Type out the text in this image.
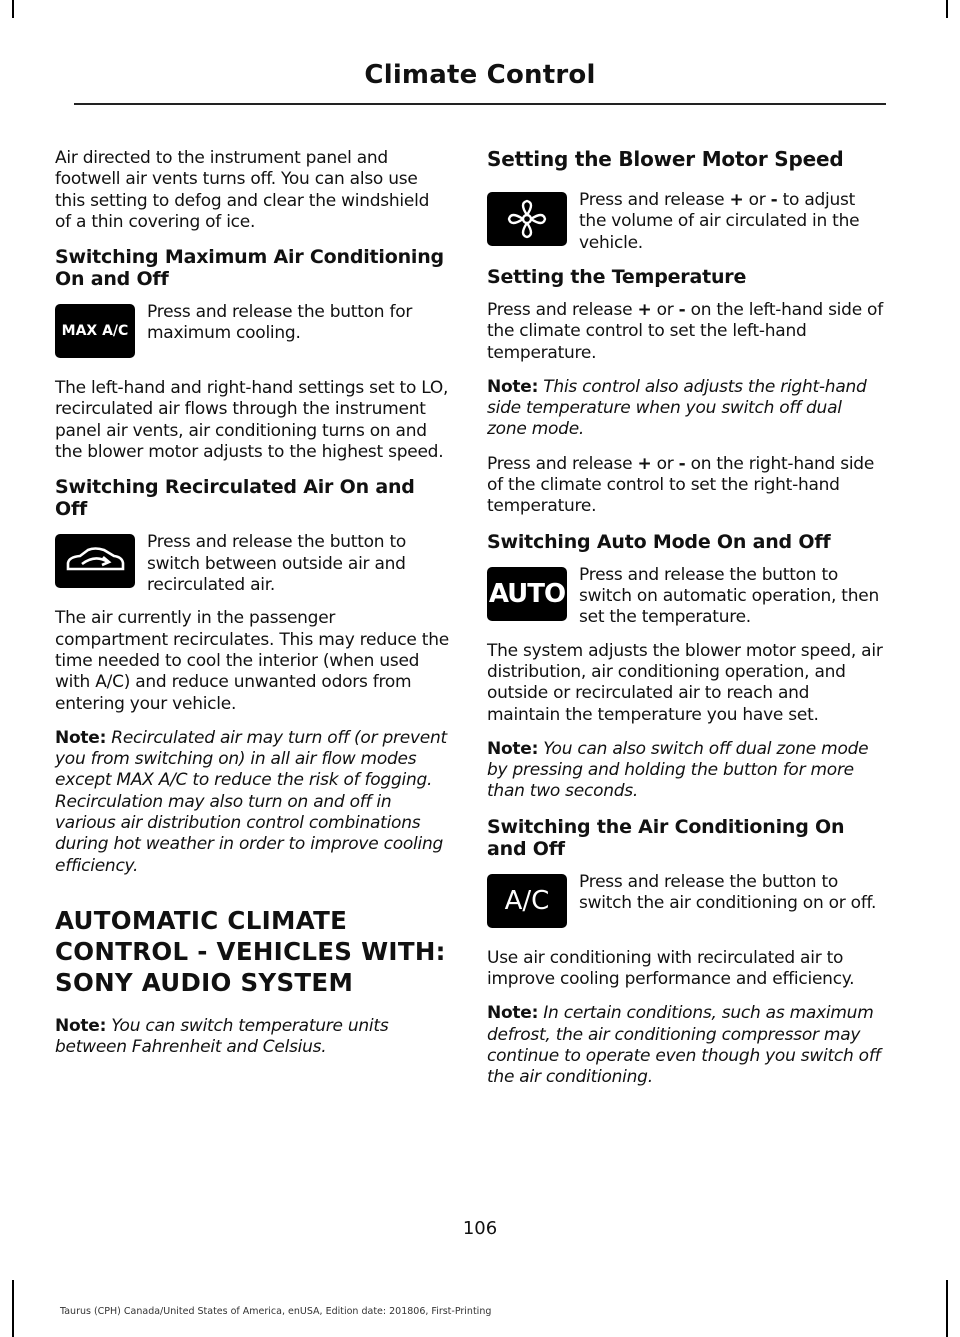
Climate Control

Air directed to the instrument panel and footwell air vents turns off. You can also use this setting to defog and clear the windshield of a thin covering of ice.

Switching Maximum Air Conditioning On and Off
MAX A/C

Press and release the button for maximum cooling.

The left-hand and right-hand settings set to LO, recirculated air flows through the instrument panel air vents, air conditioning turns on and the blower motor adjusts to the highest speed.

Switching Recirculated Air On and Off

Press and release the button to switch between outside air and recirculated air.

The air currently in the passenger compartment recirculates. This may reduce the time needed to cool the interior (when used with A/C) and reduce unwanted odors from entering your vehicle.

Note: Recirculated air may turn off (or prevent you from switching on) in all air flow modes except MAX A/C to reduce the risk of fogging. Recirculation may also turn on and off in various air distribution control combinations during hot weather in order to improve cooling efficiency.

AUTOMATIC CLIMATE
CONTROL - VEHICLES WITH:
SONY AUDIO SYSTEM

Note: You can switch temperature units between Fahrenheit and Celsius.

Setting the Blower Motor Speed

Press and release + or - to adjust the volume of air circulated in the vehicle.

Setting the Temperature

Press and release + or - on the left-hand side of the climate control to set the left-hand temperature.

Note: This control also adjusts the right-hand side temperature when you switch off dual zone mode.

Press and release + or - on the right-hand side of the climate control to set the right-hand temperature.

Switching Auto Mode On and Off
AUTO

Press and release the button to switch on automatic operation, then set the temperature.

The system adjusts the blower motor speed, air distribution, air conditioning operation, and outside or recirculated air to reach and maintain the temperature you have set.

Note: You can also switch off dual zone mode by pressing and holding the button for more than two seconds.

Switching the Air Conditioning On and Off
A/C

Press and release the button to switch the air conditioning on or off.

Use air conditioning with recirculated air to improve cooling performance and efficiency.

Note: In certain conditions, such as maximum defrost, the air conditioning compressor may continue to operate even though you switch off the air conditioning.

106
Taurus (CPH) Canada/United States of America, enUSA, Edition date: 201806, First-Printing
